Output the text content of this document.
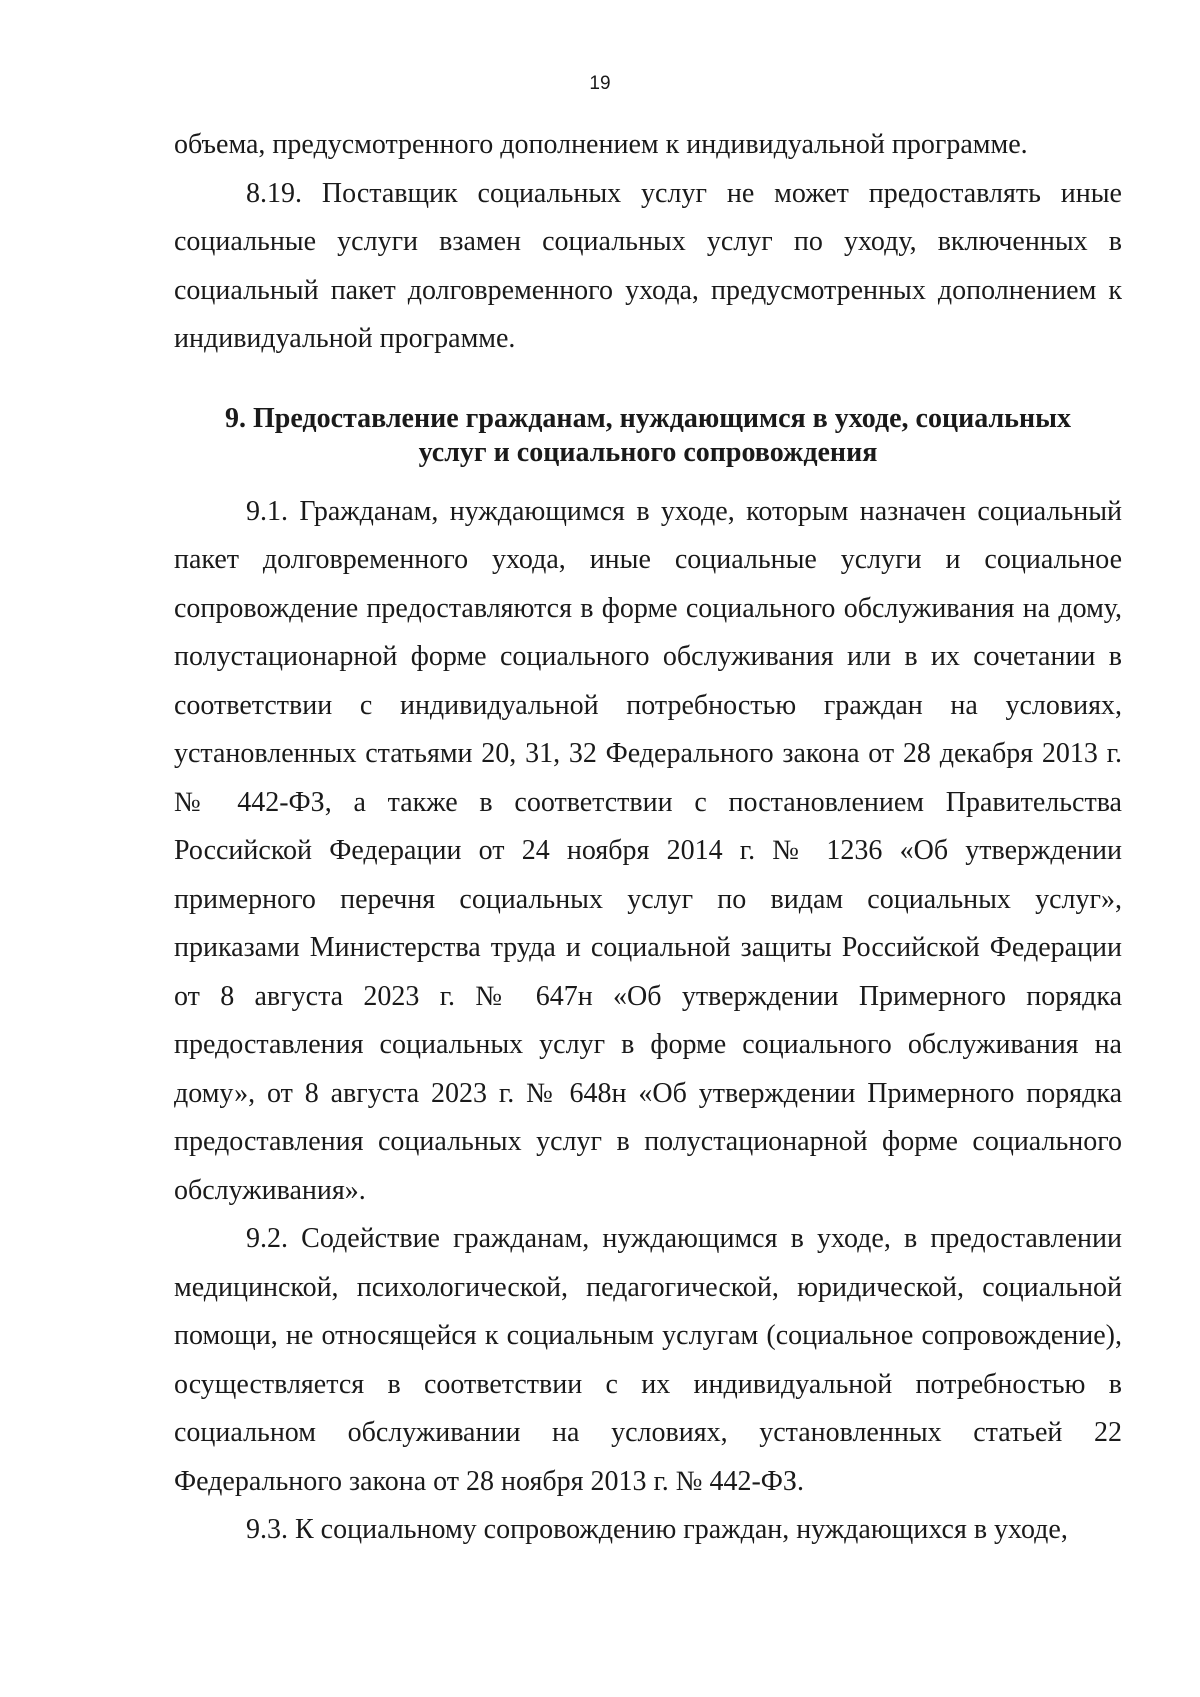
19

объема, предусмотренного дополнением к индивидуальной программе.

8.19. Поставщик социальных услуг не может предоставлять иные социальные услуги взамен социальных услуг по уходу, включенных в социальный пакет долговременного ухода, предусмотренных дополнением к индивидуальной программе.

9. Предоставление гражданам, нуждающимся в уходе, социальных
услуг и социального сопровождения

9.1. Гражданам, нуждающимся в уходе, которым назначен социальный пакет долговременного ухода, иные социальные услуги и социальное сопровождение предоставляются в форме социального обслуживания на дому, полустационарной форме социального обслуживания или в их сочетании в соответствии с индивидуальной потребностью граждан на условиях, установленных статьями 20, 31, 32 Федерального закона от 28 декабря 2013 г. № 442-ФЗ, а также в соответствии с постановлением Правительства Российской Федерации от 24 ноября 2014 г. № 1236 «Об утверждении примерного перечня социальных услуг по видам социальных услуг», приказами Министерства труда и социальной защиты Российской Федерации от 8 августа 2023 г. № 647н «Об утверждении Примерного порядка предоставления социальных услуг в форме социального обслуживания на дому», от 8 августа 2023 г. № 648н «Об утверждении Примерного порядка предоставления социальных услуг в полустационарной форме социального обслуживания».

9.2. Содействие гражданам, нуждающимся в уходе, в предоставлении медицинской, психологической, педагогической, юридической, социальной помощи, не относящейся к социальным услугам (социальное сопровождение), осуществляется в соответствии с их индивидуальной потребностью в социальном обслуживании на условиях, установленных статьей 22 Федерального закона от 28 ноября 2013 г. № 442-ФЗ.

9.3. К социальному сопровождению граждан, нуждающихся в уходе,
